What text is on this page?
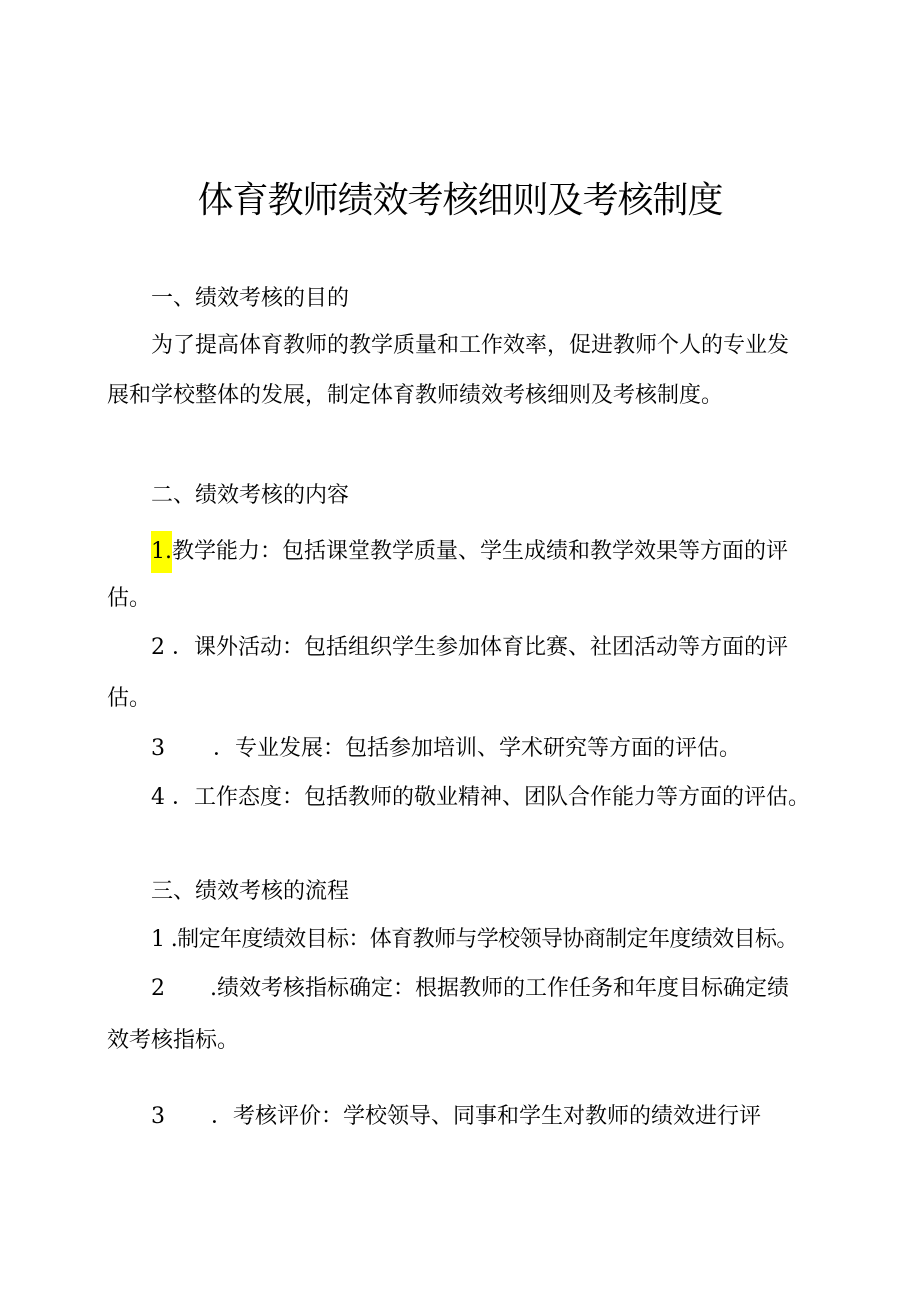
体育教师绩效考核细则及考核制度
一、绩效考核的目的
为了提高体育教师的教学质量和工作效率，促进教师个人的专业发
展和学校整体的发展，制定体育教师绩效考核细则及考核制度。
二、绩效考核的内容
1.教学能力：包括课堂教学质量、学生成绩和教学效果等方面的评
估。
2 ．课外活动：包括组织学生参加体育比赛、社团活动等方面的评
估。
3 ．专业发展：包括参加培训、学术研究等方面的评估。
4 ．工作态度：包括教师的敬业精神、团队合作能力等方面的评估。
三、绩效考核的流程
1 .制定年度绩效目标：体育教师与学校领导协商制定年度绩效目标。
2 .绩效考核指标确定：根据教师的工作任务和年度目标确定绩
效考核指标。
3 ．考核评价：学校领导、同事和学生对教师的绩效进行评
